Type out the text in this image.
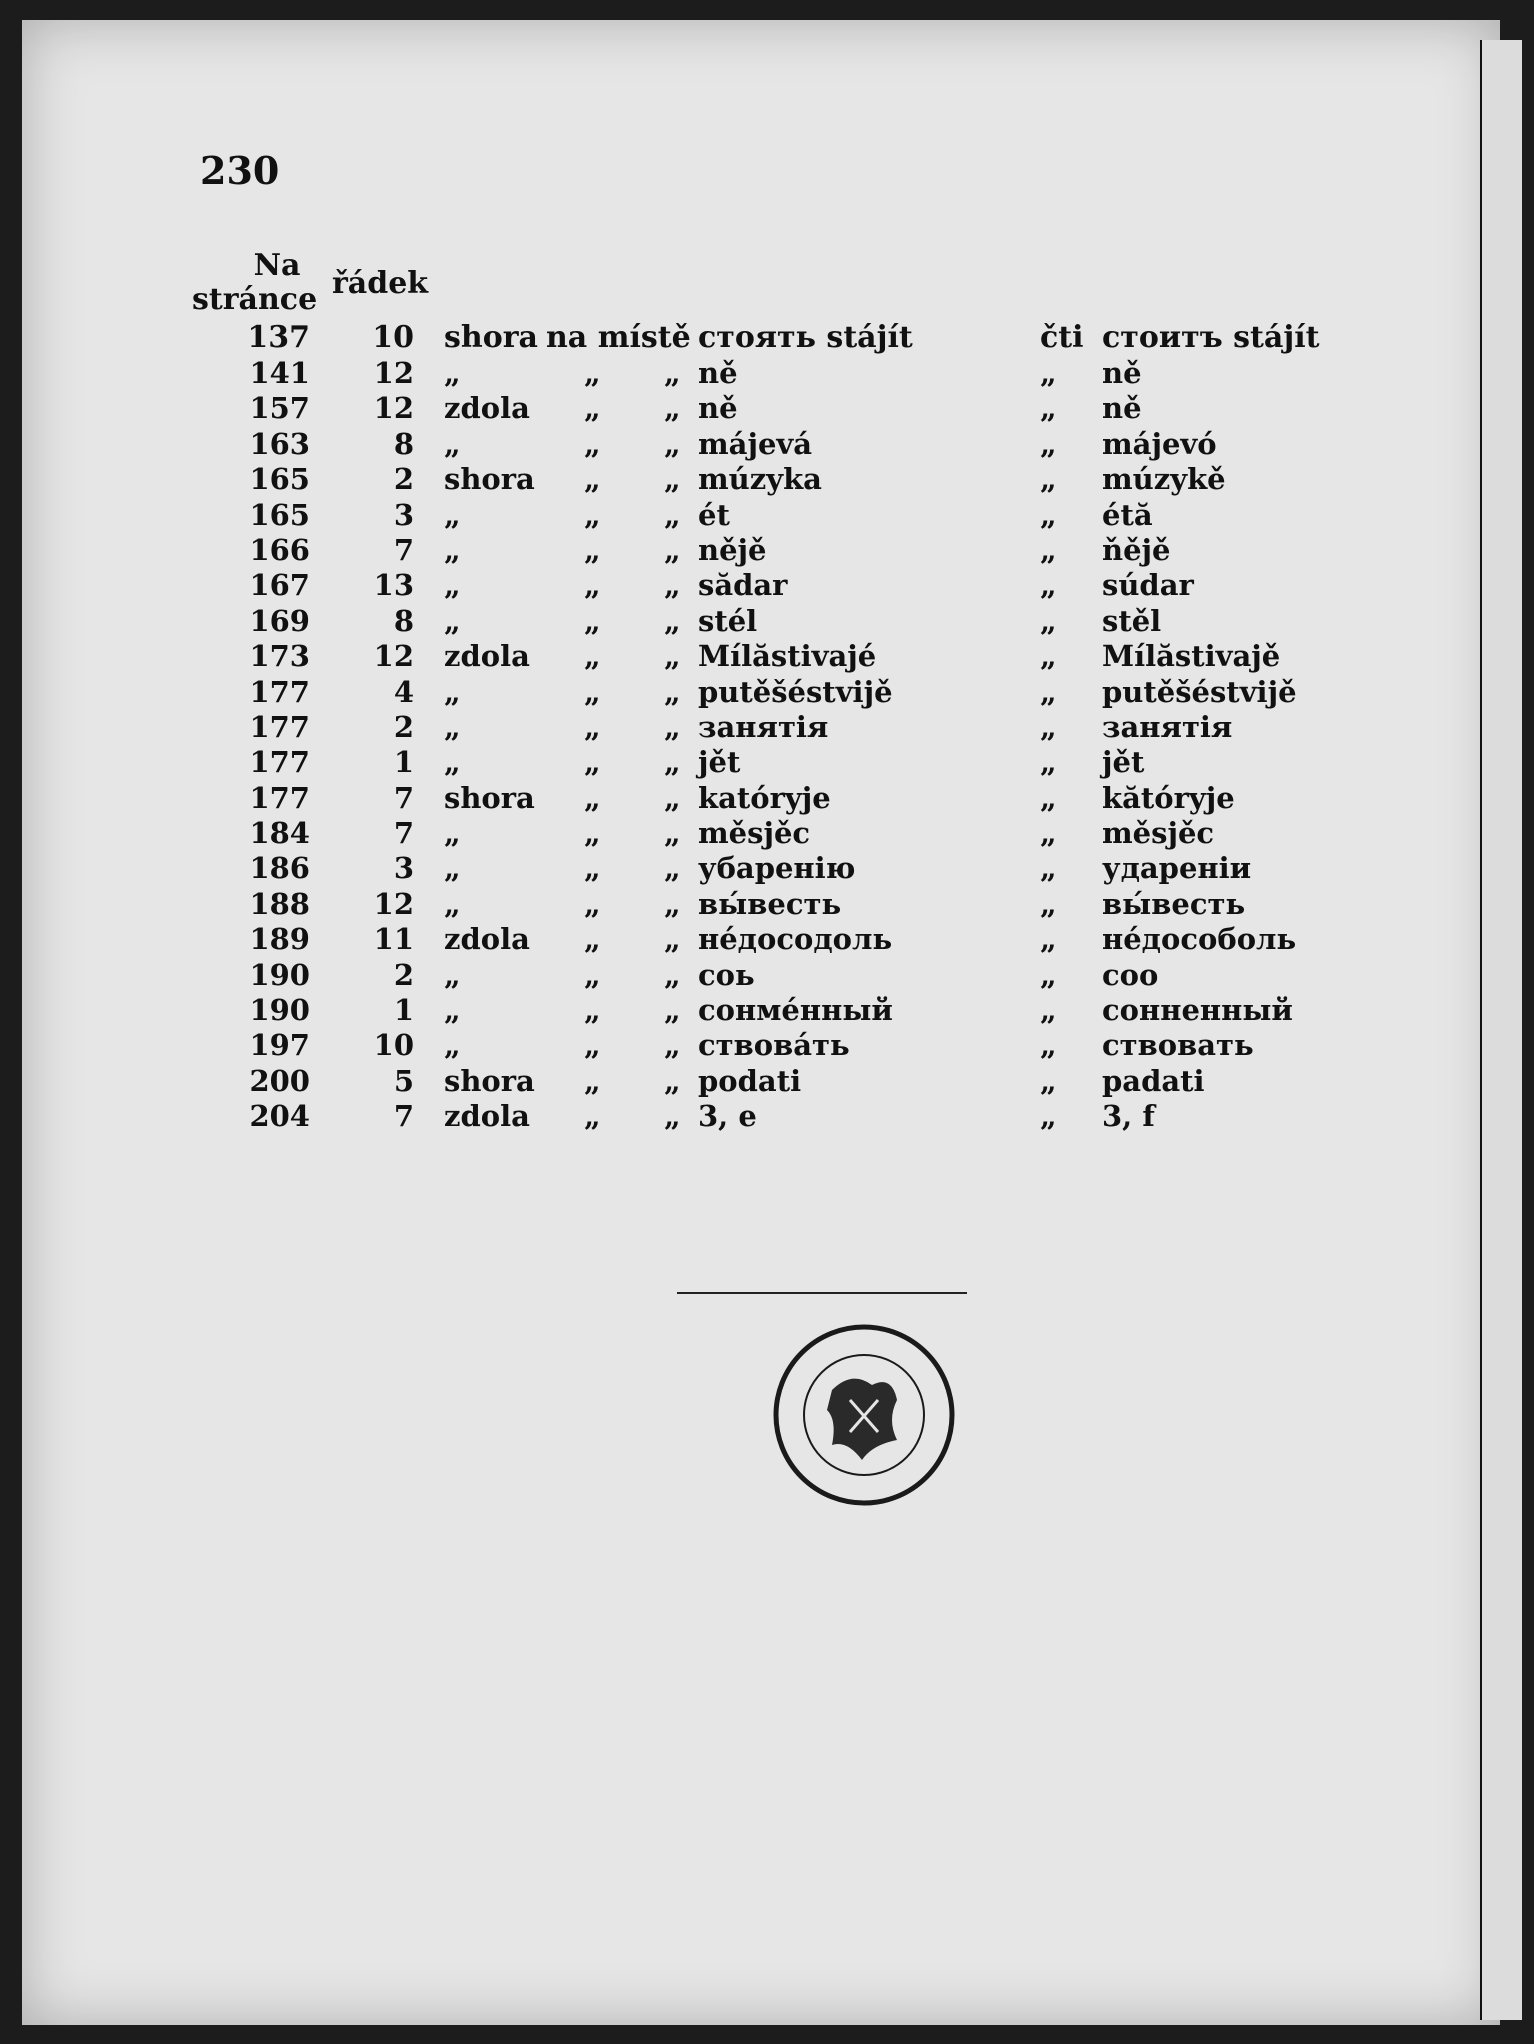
230
Na
stránce řádek
137	10 shora na místě стоять stájít	čti стоитъ stájít
141	12 „	„ „ ně	„ ně
157	12 zdola „ „ ně	„ ně
163	8 „	„ „ májevá	„ májevó
165	2 shora „ „ múzyka	„ múzykě
165	3 „	„ „ ét	„ étă
166	7 „	„ „ nějě	„ ňějě
167	13 „	„ „ sădar	„ súdar
169	8 „	„ „ stél	„ stěl
173	12 zdola „ „ Mílăstivajé	„ Mílăstivajě
177	4 „	„ „ putěšéstvijě	„ putěšéstvijě
177	2 „	„ „ занятія	„ занятія
177	1 „	„ „ jět	„ jět
177	7 shora „ „ katóryje	„ kătóryje
184	7 „	„ „ měsjěc	„ měsjěc
186	3 „	„ „ убаренію	„ ударенiи
188	12 „	„ „ вы́весть	„ вы́весть
189	11 zdola „ „ нéдосодоль	„ нéдособоль
190	2 „	„ „ соь	„ соо
190	1 „	„ „ сонме́нный	„ сонненный
197	10 „	„ „ ствова́ть	„ ствовать
200	5 shora „ „ podati	„ padati
204	7 zdola „ „ 3, e	„ 3, f
